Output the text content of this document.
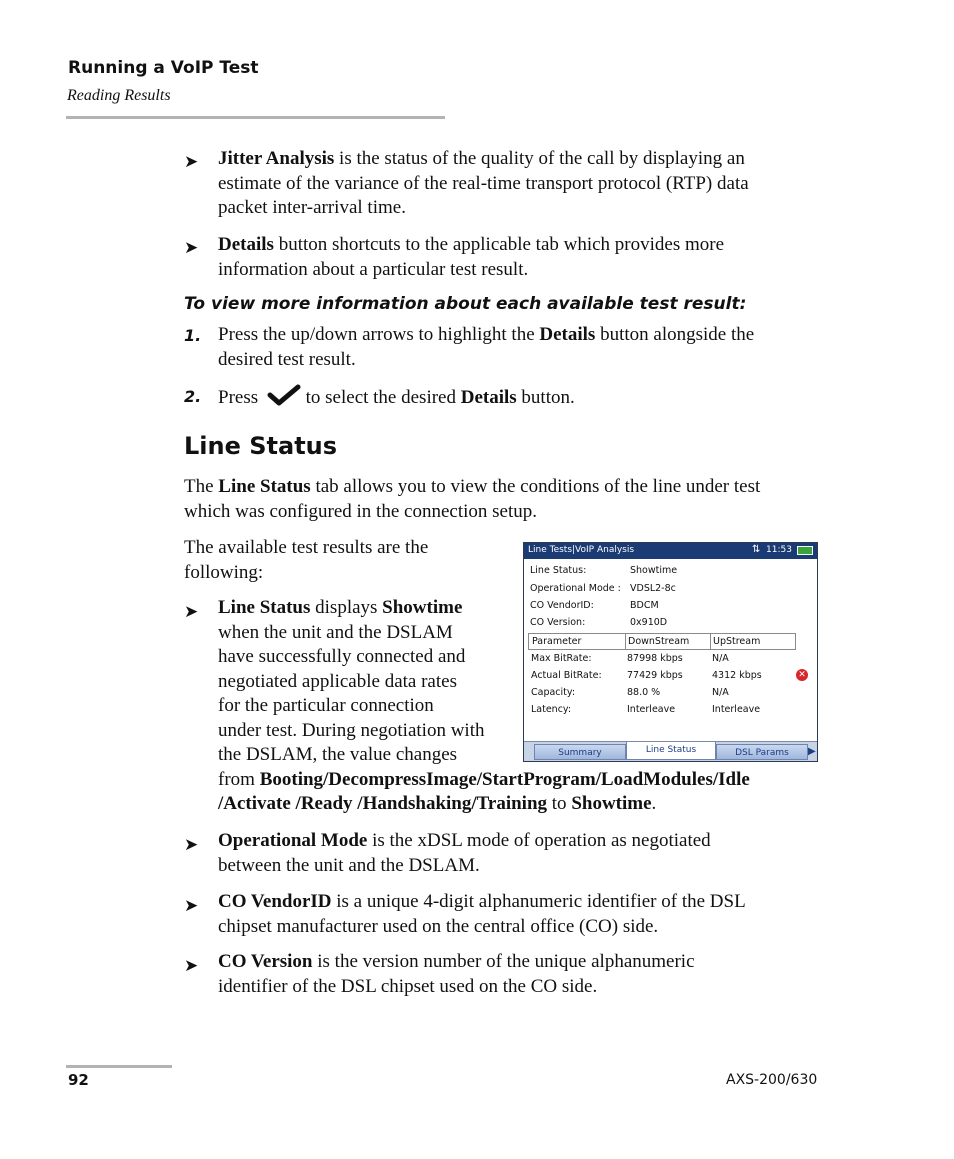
Running a VoIP Test
Reading Results
➤ Jitter Analysis is the status of the quality of the call by displaying an
estimate of the variance of the real-time transport protocol (RTP) data
packet inter-arrival time.
➤ Details button shortcuts to the applicable tab which provides more
information about a particular test result.
To view more information about each available test result:
1. Press the up/down arrows to highlight the Details button alongside the
desired test result.
2. Press  to select the desired Details button.
Line Status
The Line Status tab allows you to view the conditions of the line under test
which was configured in the connection setup.
The available test results are the
following:
➤ Line Status displays Showtime
when the unit and the DSLAM
have successfully connected and
negotiated applicable data rates
for the particular connection
under test. During negotiation with
the DSLAM, the value changes
from Booting/DecompressImage/StartProgram/LoadModules/Idle
/Activate /Ready /Handshaking/Training to Showtime.
Line Tests|VoIP Analysis	⇅ 11:53
Line Status:	Showtime
Operational Mode : VDSL2-8c
CO VendorID:	BDCM
CO Version:	0x910D
Parameter	DownStream UpStream
Max BitRate:	87998 kbps	N/A
Actual BitRate:	77429 kbps	4312 kbps	✕
Capacity:	88.0 %	N/A
Latency:	Interleave	Interleave
Summary	Line Status	DSL Params	▶
➤ Operational Mode is the xDSL mode of operation as negotiated
between the unit and the DSLAM.
➤ CO VendorID is a unique 4-digit alphanumeric identifier of the DSL
chipset manufacturer used on the central office (CO) side.
➤ CO Version is the version number of the unique alphanumeric
identifier of the DSL chipset used on the CO side.
92	AXS-200/630
